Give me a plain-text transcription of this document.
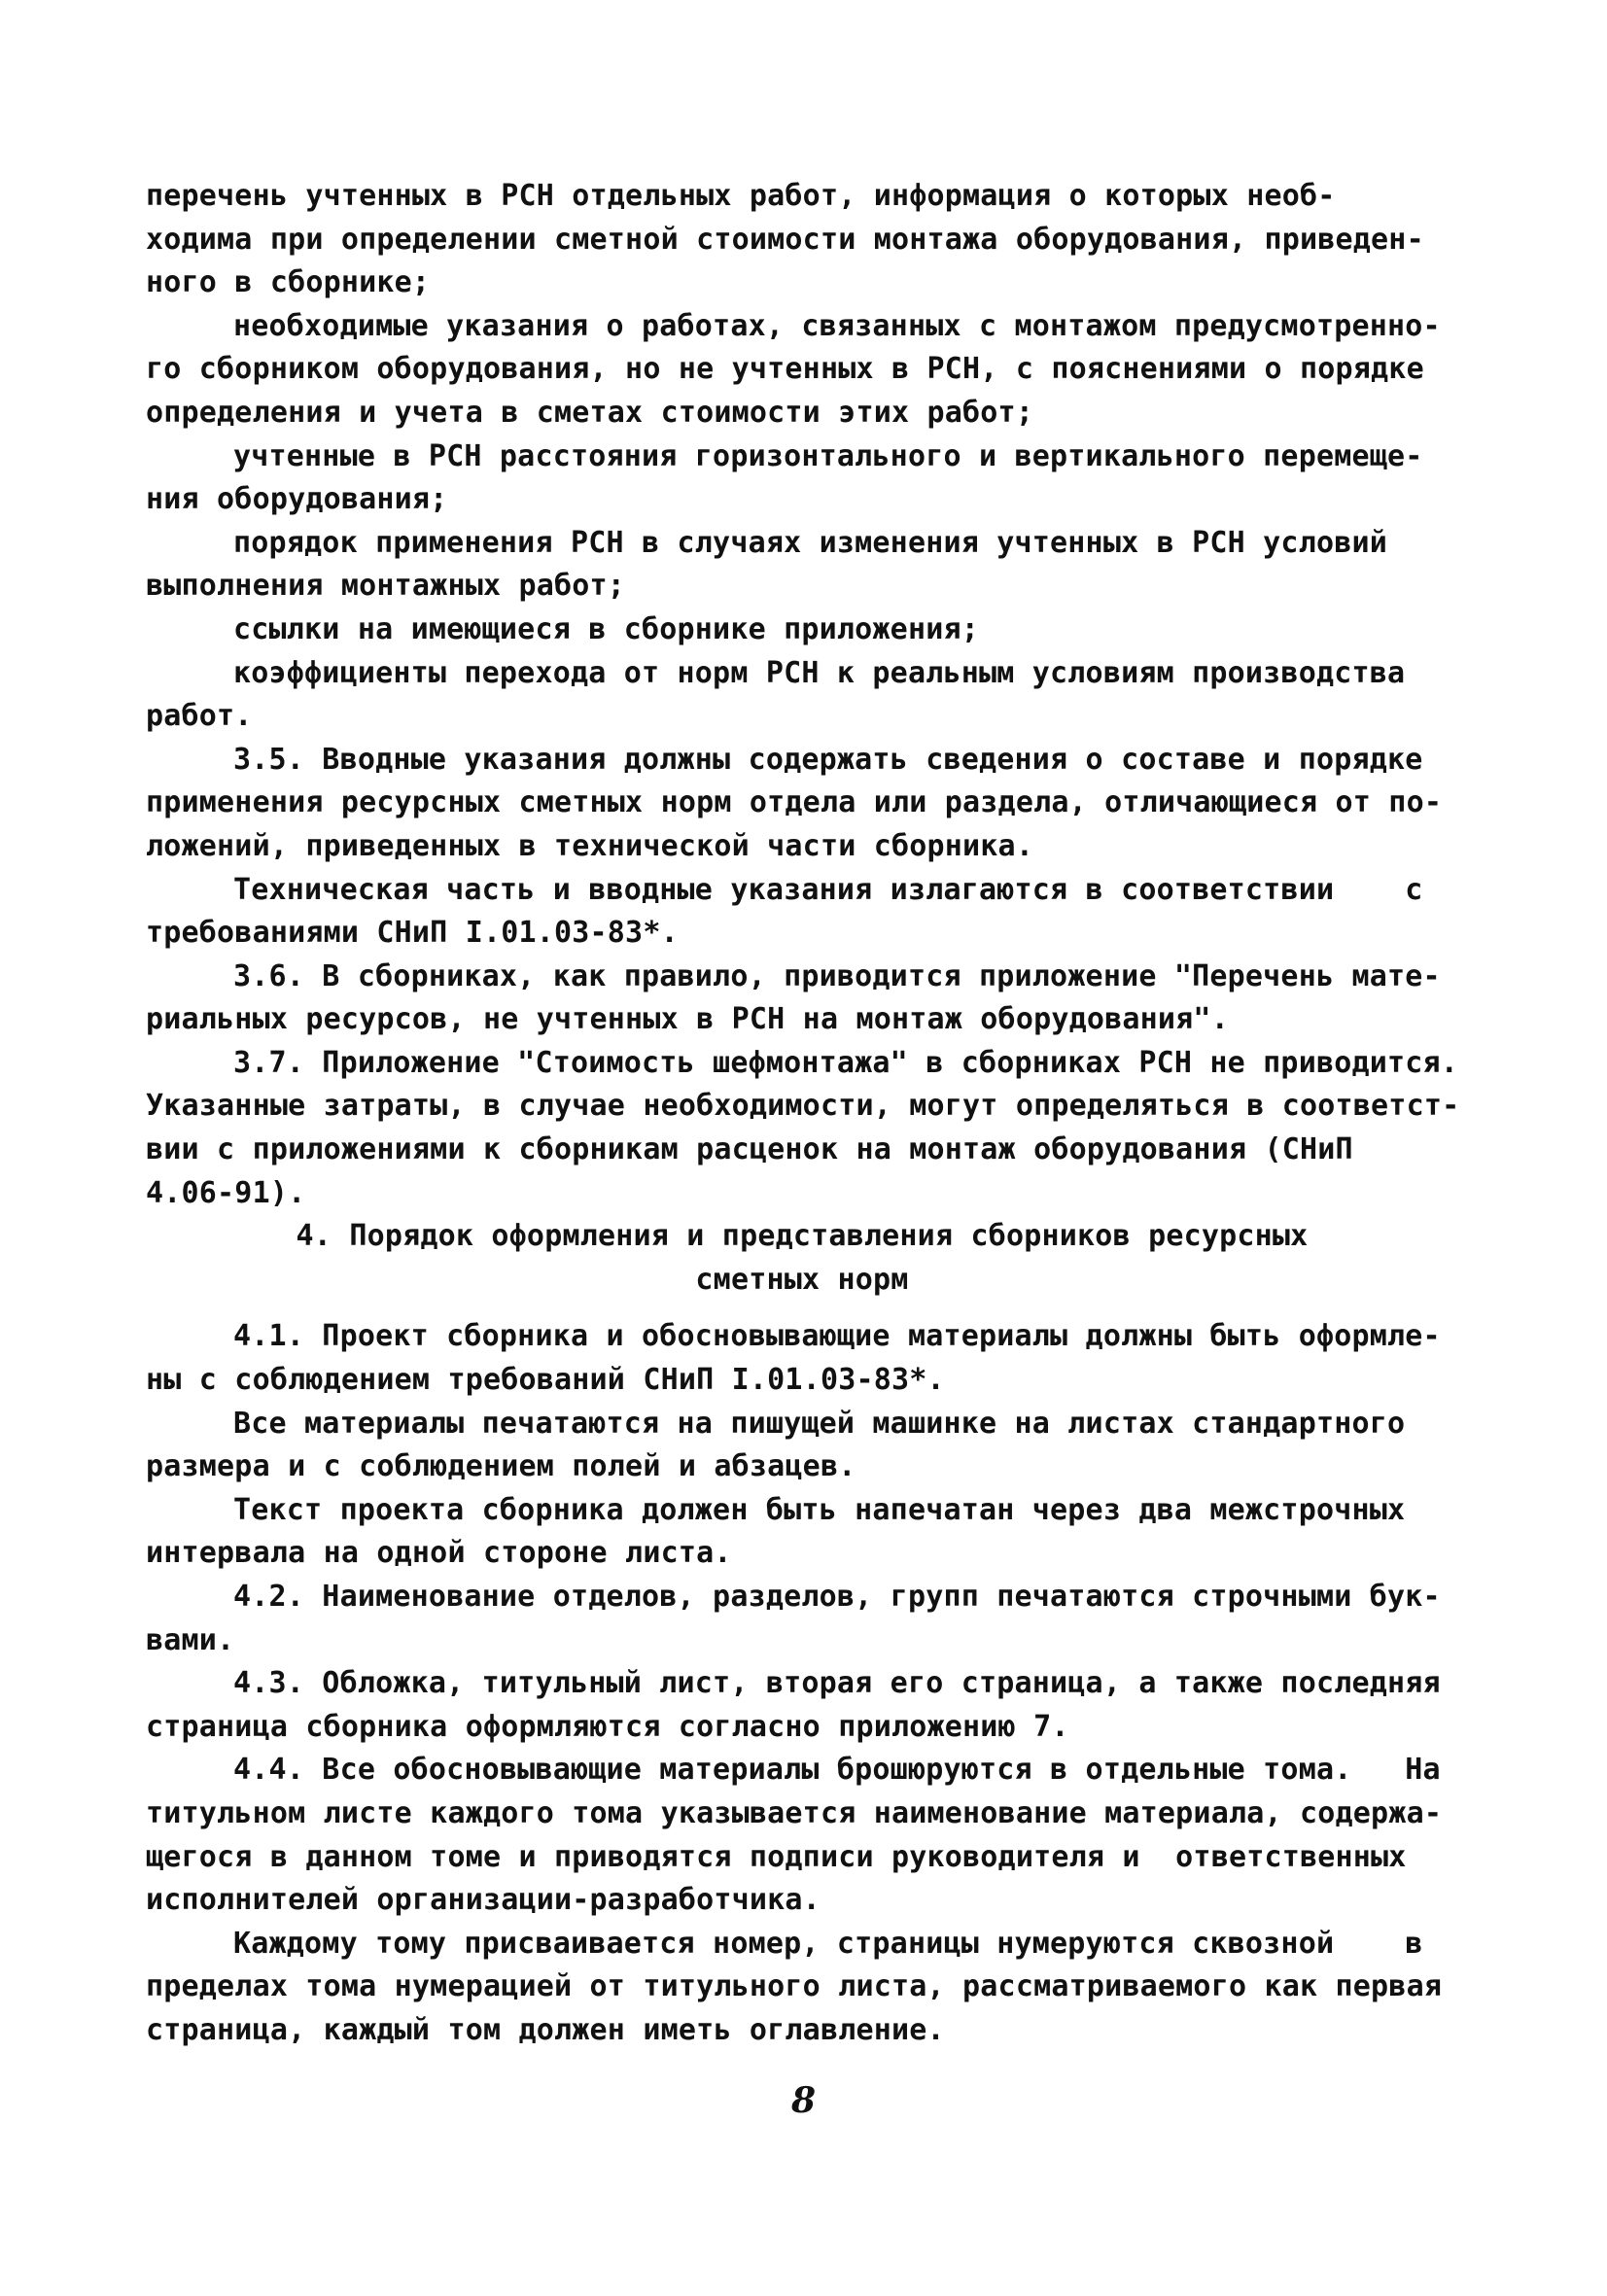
перечень учтенных в РСН отдельных работ, информация о которых необ-
ходима при определении сметной стоимости монтажа оборудования, приведен-
ного в сборнике;
необходимые указания о работах, связанных с монтажом предусмотренно-
го сборником оборудования, но не учтенных в РСН, с пояснениями о порядке
определения и учета в сметах стоимости этих работ;
учтенные в РСН расстояния горизонтального и вертикального перемеще-
ния оборудования;
порядок применения РСН в случаях изменения учтенных в РСН условий
выполнения монтажных работ;
ссылки на имеющиеся в сборнике приложения;
коэффициенты перехода от норм РСН к реальным условиям производства
работ.
3.5. Вводные указания должны содержать сведения о составе и порядке
применения ресурсных сметных норм отдела или раздела, отличающиеся от по-
ложений, приведенных в технической части сборника.
Техническая часть и вводные указания излагаются в соответствии    с
требованиями СНиП I.01.03-83*.
3.6. В сборниках, как правило, приводится приложение "Перечень мате-
риальных ресурсов, не учтенных в РСН на монтаж оборудования".
3.7. Приложение "Стоимость шефмонтажа" в сборниках РСН не приводится.
Указанные затраты, в случае необходимости, могут определяться в соответст-
вии с приложениями к сборникам расценок на монтаж оборудования (СНиП
4.06-91).
4. Порядок оформления и представления сборников ресурсных
сметных норм
4.1. Проект сборника и обосновывающие материалы должны быть оформле-
ны с соблюдением требований СНиП I.01.03-83*.
Все материалы печатаются на пишущей машинке на листах стандартного
размера и с соблюдением полей и абзацев.
Текст проекта сборника должен быть напечатан через два межстрочных
интервала на одной стороне листа.
4.2. Наименование отделов, разделов, групп печатаются строчными бук-
вами.
4.3. Обложка, титульный лист, вторая его страница, а также последняя
страница сборника оформляются согласно приложению 7.
4.4. Все обосновывающие материалы брошюруются в отдельные тома.   На
титульном листе каждого тома указывается наименование материала, содержа-
щегося в данном томе и приводятся подписи руководителя и  ответственных
исполнителей организации-разработчика.
Каждому тому присваивается номер, страницы нумеруются сквозной    в
пределах тома нумерацией от титульного листа, рассматриваемого как первая
страница, каждый том должен иметь оглавление.
8
